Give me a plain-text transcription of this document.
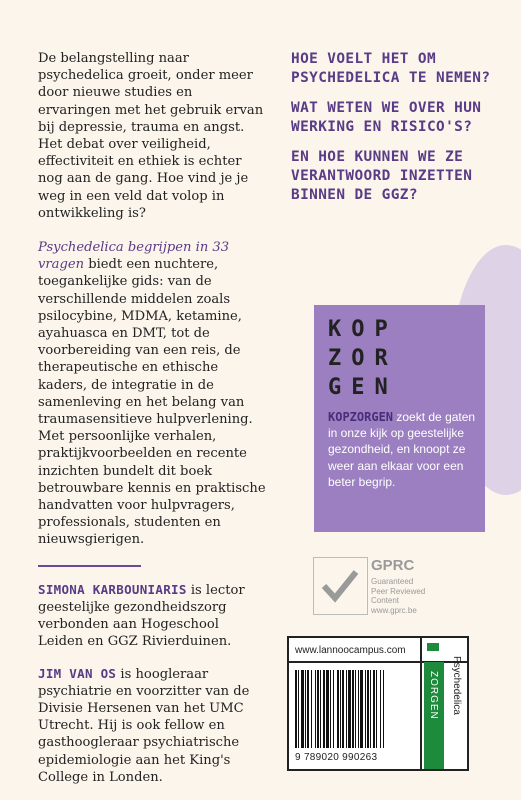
De belangstelling naar psychedelica groeit, onder meer door nieuwe studies en ervaringen met het gebruik ervan bij depressie, trauma en angst. Het debat over veiligheid, effectiviteit en ethiek is echter nog aan de gang. Hoe vind je je weg in een veld dat volop in ontwikkeling is?

Psychedelica begrijpen in 33 vragen biedt een nuchtere, toegankelijke gids: van de verschillende middelen zoals psilocybine, MDMA, ketamine, ayahuasca en DMT, tot de voorbereiding van een reis, de therapeutische en ethische kaders, de integratie in de samenleving en het belang van traumasensitieve hulpverlening. Met persoonlijke verhalen, praktijkvoorbeelden en recente inzichten bundelt dit boek betrouwbare kennis en praktische handvatten voor hulpvragers, professionals, studenten en nieuwsgierigen.

SIMONA KARBOUNIARIS is lector geestelijke gezondheidszorg verbonden aan Hogeschool Leiden en GGZ Rivierduinen.

JIM VAN OS is hoogleraar psychiatrie en voorzitter van de Divisie Hersenen van het UMC Utrecht. Hij is ook fellow en gasthoogleraar psychiatrische epidemiologie aan het King's College in Londen.

HOE VOELT HET OM PSYCHEDELICA TE NEMEN?
WAT WETEN WE OVER HUN WERKING EN RISICO'S?
EN HOE KUNNEN WE ZE VERANTWOORD INZETTEN BINNEN DE GGZ?
KOP
ZOR
GEN
KOPZORGEN zoekt de gaten in onze kijk op geestelijke gezondheid, en knoopt ze weer aan elkaar voor een beter begrip.
GPRC
Guaranteed
Peer Reviewed
Content
www.gprc.be
www.lannoocampus.com
ZORGEN Psychedelica
9 789020 990263
